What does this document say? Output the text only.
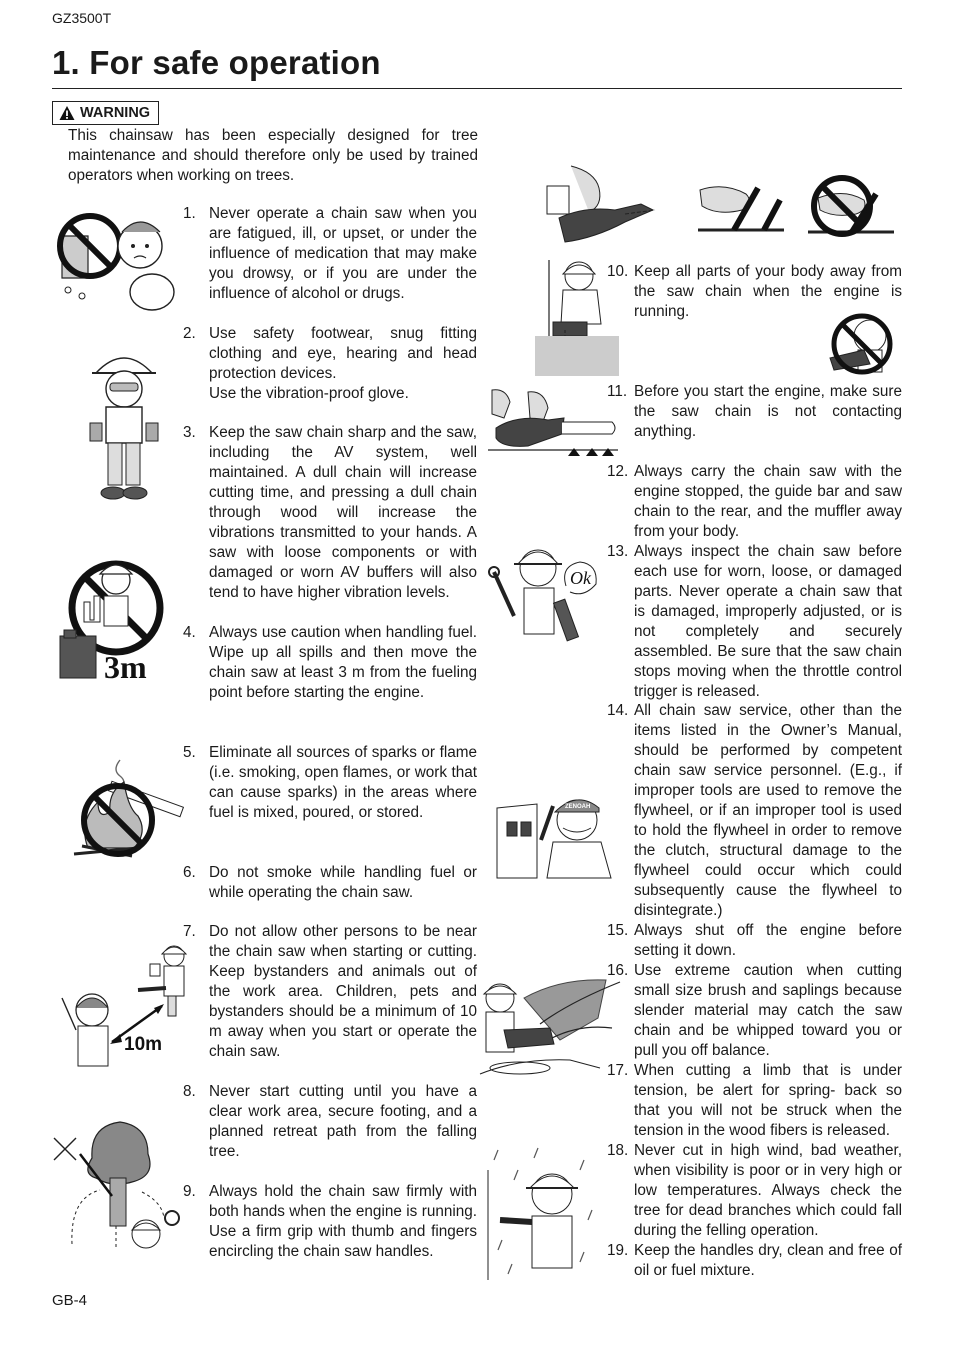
GZ3500T
1. For safe operation
WARNING
This chainsaw has been especially designed for tree maintenance and should therefore only be used by trained operators when working on trees.
1. Never operate a chain saw when you are fatigued, ill, or upset, or under the influence of medication that may make you drowsy, or if you are under the influence of alcohol or drugs.
2. Use safety footwear, snug fitting clothing and eye, hearing and head protection devices.
Use the vibration-proof glove.
3. Keep the saw chain sharp and the saw, including the AV system, well maintained. A dull chain will increase cutting time, and pressing a dull chain through wood will increase the vibrations transmitted to your hands. A saw with loose components or with damaged or worn AV buffers will also tend to have higher vibration levels.
4. Always use caution when handling fuel. Wipe up all spills and then move the chain saw at least 3 m from the fueling point before starting the engine.
5. Eliminate all sources of sparks or flame (i.e. smoking, open flames, or work that can cause sparks) in the areas where fuel is mixed, poured, or stored.
6. Do not smoke while handling fuel or while operating the chain saw.
7. Do not allow other persons to be near the chain saw when starting or cutting. Keep bystanders and animals out of the work area. Children, pets and bystanders should be a minimum of 10 m away when you start or operate the chain saw.
8. Never start cutting until you have a clear work area, secure footing, and a planned retreat path from the falling tree.
9. Always hold the chain saw firmly with both hands when the engine is running. Use a firm grip with thumb and fingers encircling the chain saw handles.
10. Keep all parts of your body away from the saw chain when the engine is running.
11. Before you start the engine, make sure the saw chain is not contacting anything.
12. Always carry the chain saw with the engine stopped, the guide bar and saw chain to the rear, and the muffler away from your body.
13. Always inspect the chain saw before each use for worn, loose, or damaged parts. Never operate a chain saw that is damaged, improperly adjusted, or is not completely and securely assembled. Be sure that the saw chain stops moving when the throttle control trigger is released.
14. All chain saw service, other than the items listed in the Owner’s Manual, should be performed by competent chain saw service personnel. (E.g., if improper tools are used to remove the flywheel, or if an improper tool is used to hold the flywheel in order to remove the clutch, structural damage to the flywheel could occur which could subsequently cause the flywheel to disintegrate.)
15. Always shut off the engine before setting it down.
16. Use extreme caution when cutting small size brush and saplings because slender material may catch the saw chain and be whipped toward you or pull you off balance.
17. When cutting a limb that is under tension, be alert for spring- back so that you will not be struck when the tension in the wood fibers is released.
18. Never cut in high wind, bad weather, when visibility is poor or in very high or low temperatures. Always check the tree for dead branches which could fall during the felling operation.
19. Keep the handles dry, clean and free of oil or fuel mixture.
3m
10m
Ok
ZENOAH
GB-4
